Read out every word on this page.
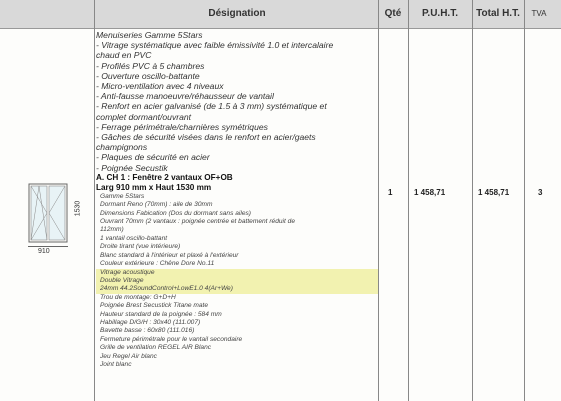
Désignation	Qté	P.U.H.T.	Total H.T.	TVA
1530
910
Menuiseries Gamme 5Stars
- Vitrage systématique avec faible émissivité 1.0 et intercalaire
chaud en PVC
- Profilés PVC à 5 chambres
- Ouverture oscillo-battante
- Micro-ventilation avec 4 niveaux
- Anti-fausse manoeuvre/réhausseur de vantail
- Renfort en acier galvanisé (de 1.5 à 3 mm) systématique et
complet dormant/ouvrant
- Ferrage périmétrale/charnières symétriques
- Gâches de sécurité visées dans le renfort en acier/gaets
champignons
- Plaques de sécurité en acier
- Poignée Secustik
A. CH 1 : Fenêtre 2 vantaux OF+OB
Larg 910 mm x Haut 1530 mm
Gamme 5Stars
Dormant Reno (70mm) : aile de 30mm
Dimensions Fabication (Dos du dormant sans ailes)
Ouvrant 70mm (2 vantaux : poignée centrée et battement réduit de
112mm)
1 vantail oscillo-battant
Droite tirant (vue intérieure)
Blanc standard à l'intérieur et plaxé à l'extérieur
Couleur extérieure : Chêne Dore No.11
Vitrage acoustique
Double Vitrage
24mm 44.2SoundControl+LowE1.0 4(Ar+We)
Trou de montage: G+D+H
Poignée Brest Secustick Titane mate
Hauteur standard de la poignée : 584 mm
Habillage D/G/H : 30x40 (111.007)
Bavette basse : 60x80 (111.016)
Fermeture périmétrale pour le vantail secondaire
Grille de ventilation REGEL AIR Blanc
Jeu Regel Air blanc
Joint blanc
1	1 458,71	1 458,71	3
